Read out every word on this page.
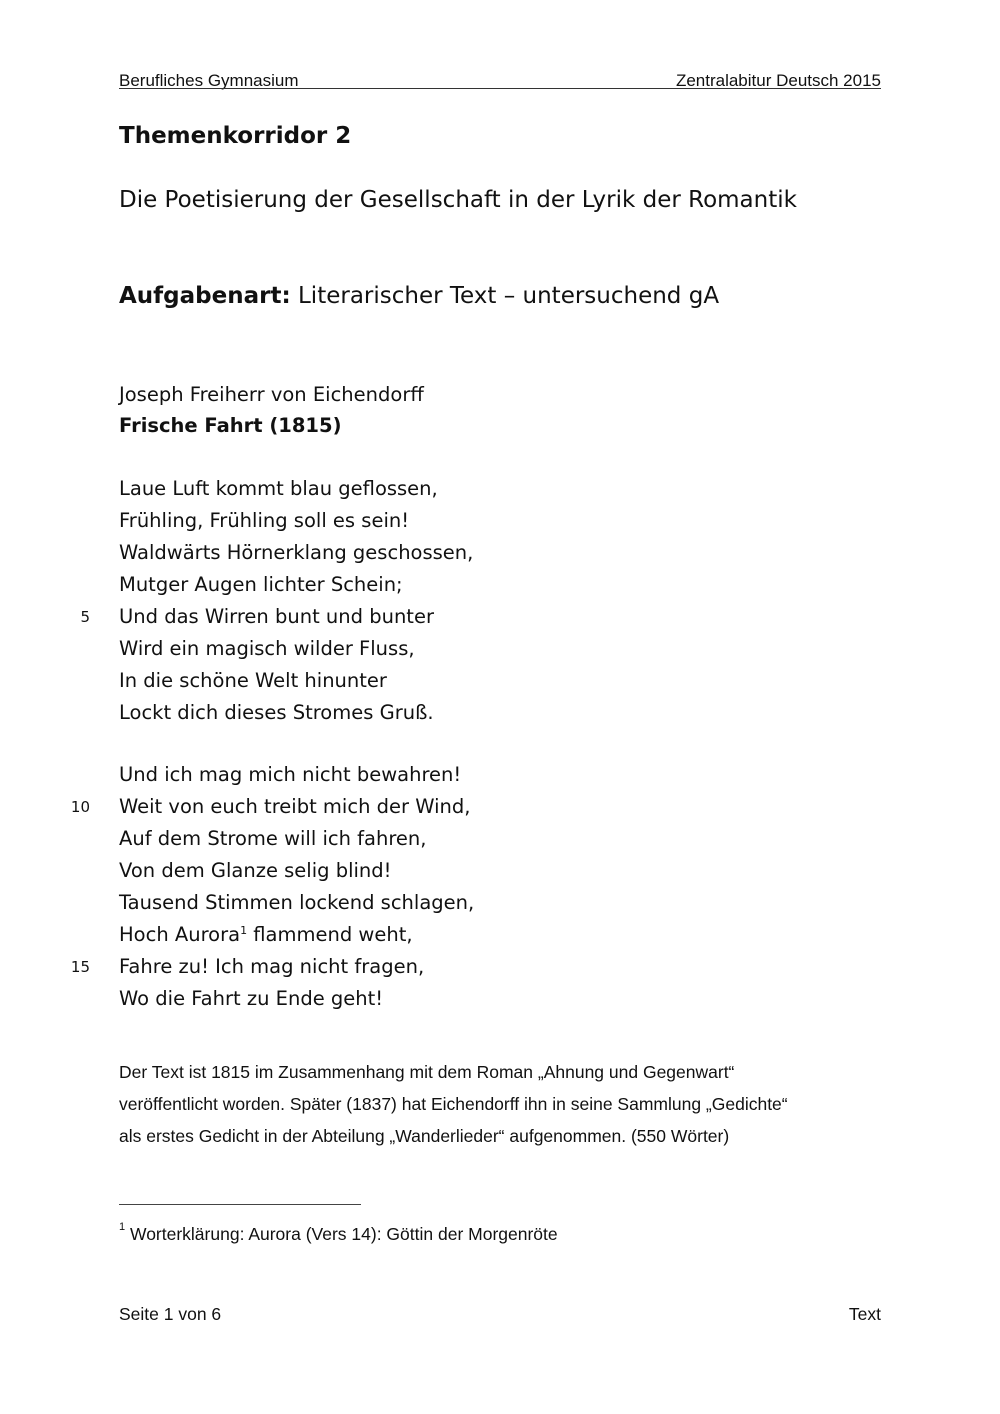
Berufliches Gymnasium	Zentralabitur Deutsch 2015
Themenkorridor 2
Die Poetisierung der Gesellschaft in der Lyrik der Romantik
Aufgabenart: Literarischer Text – untersuchend gA
Joseph Freiherr von Eichendorff
Frische Fahrt (1815)
Laue Luft kommt blau geflossen,
Frühling, Frühling soll es sein!
Waldwärts Hörnerklang geschossen,
Mutger Augen lichter Schein;
5 Und das Wirren bunt und bunter
Wird ein magisch wilder Fluss,
In die schöne Welt hinunter
Lockt dich dieses Stromes Gruß.
Und ich mag mich nicht bewahren!
10 Weit von euch treibt mich der Wind,
Auf dem Strome will ich fahren,
Von dem Glanze selig blind!
Tausend Stimmen lockend schlagen,
Hoch Aurora$^1$ flammend weht,
15 Fahre zu! Ich mag nicht fragen,
Wo die Fahrt zu Ende geht!
Der Text ist 1815 im Zusammenhang mit dem Roman „Ahnung und Gegenwart“
veröffentlicht worden. Später (1837) hat Eichendorff ihn in seine Sammlung „Gedichte“
als erstes Gedicht in der Abteilung „Wanderlieder“ aufgenommen. (550 Wörter)
$^1$ Worterklärung: Aurora (Vers 14): Göttin der Morgenröte
Seite 1 von 6	Text
